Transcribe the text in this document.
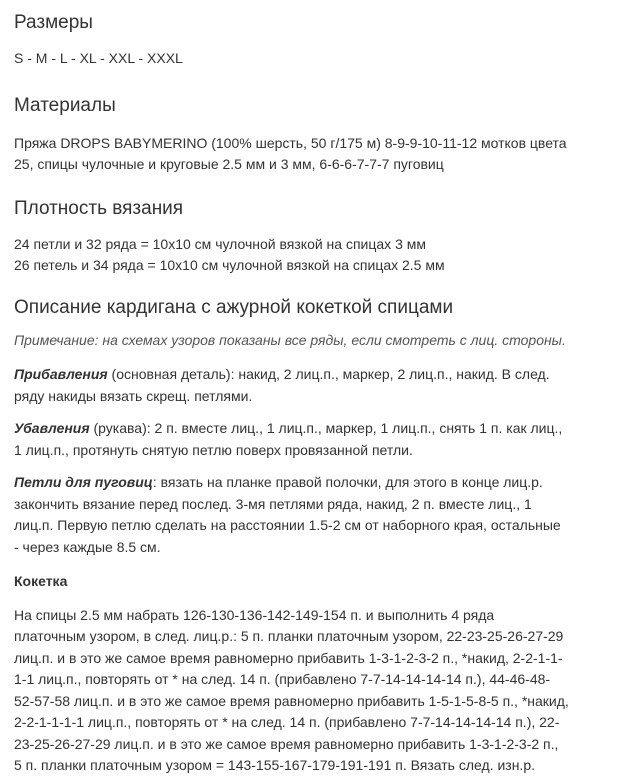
Размеры

S - M - L - XL - XXL - XXXL

Материалы

Пряжа DROPS BABYMERINO (100% шерсть, 50 г/175 м) 8-9-9-10-11-12 мотков цвета

25, спицы чулочные и круговые 2.5 мм и 3 мм, 6-6-6-7-7-7 пуговиц

Плотность вязания

24 петли и 32 ряда = 10х10 см чулочной вязкой на спицах 3 мм

26 петель и 34 ряда = 10х10 см чулочной вязкой на спицах 2.5 мм

Описание кардигана с ажурной кокеткой спицами

Примечание: на схемах узоров показаны все ряды, если смотреть с лиц. стороны.

Прибавления (основная деталь): накид, 2 лиц.п., маркер, 2 лиц.п., накид. В след.

ряду накиды вязать скрещ. петлями.

Убавления (рукава): 2 п. вместе лиц., 1 лиц.п., маркер, 1 лиц.п., снять 1 п. как лиц.,

1 лиц.п., протянуть снятую петлю поверх провязанной петли.

Петли для пуговиц: вязать на планке правой полочки, для этого в конце лиц.р.

закончить вязание перед послед. 3-мя петлями ряда, накид, 2 п. вместе лиц., 1

лиц.п. Первую петлю сделать на расстоянии 1.5-2 см от наборного края, остальные

- через каждые 8.5 см.

Кокетка

На спицы 2.5 мм набрать 126-130-136-142-149-154 п. и выполнить 4 ряда

платочным узором, в след. лиц.р.: 5 п. планки платочным узором, 22-23-25-26-27-29

лиц.п. и в это же самое время равномерно прибавить 1-3-1-2-3-2 п., *накид, 2-2-1-1-

1-1 лиц.п., повторять от * на след. 14 п. (прибавлено 7-7-14-14-14-14 п.), 44-46-48-

52-57-58 лиц.п. и в это же самое время равномерно прибавить 1-5-1-5-8-5 п., *накид,

2-2-1-1-1-1 лиц.п., повторять от * на след. 14 п. (прибавлено 7-7-14-14-14-14 п.), 22-

23-25-26-27-29 лиц.п. и в это же самое время равномерно прибавить 1-3-1-2-3-2 п.,

5 п. планки платочным узором = 143-155-167-179-191-191 п. Вязать след. изн.р.
